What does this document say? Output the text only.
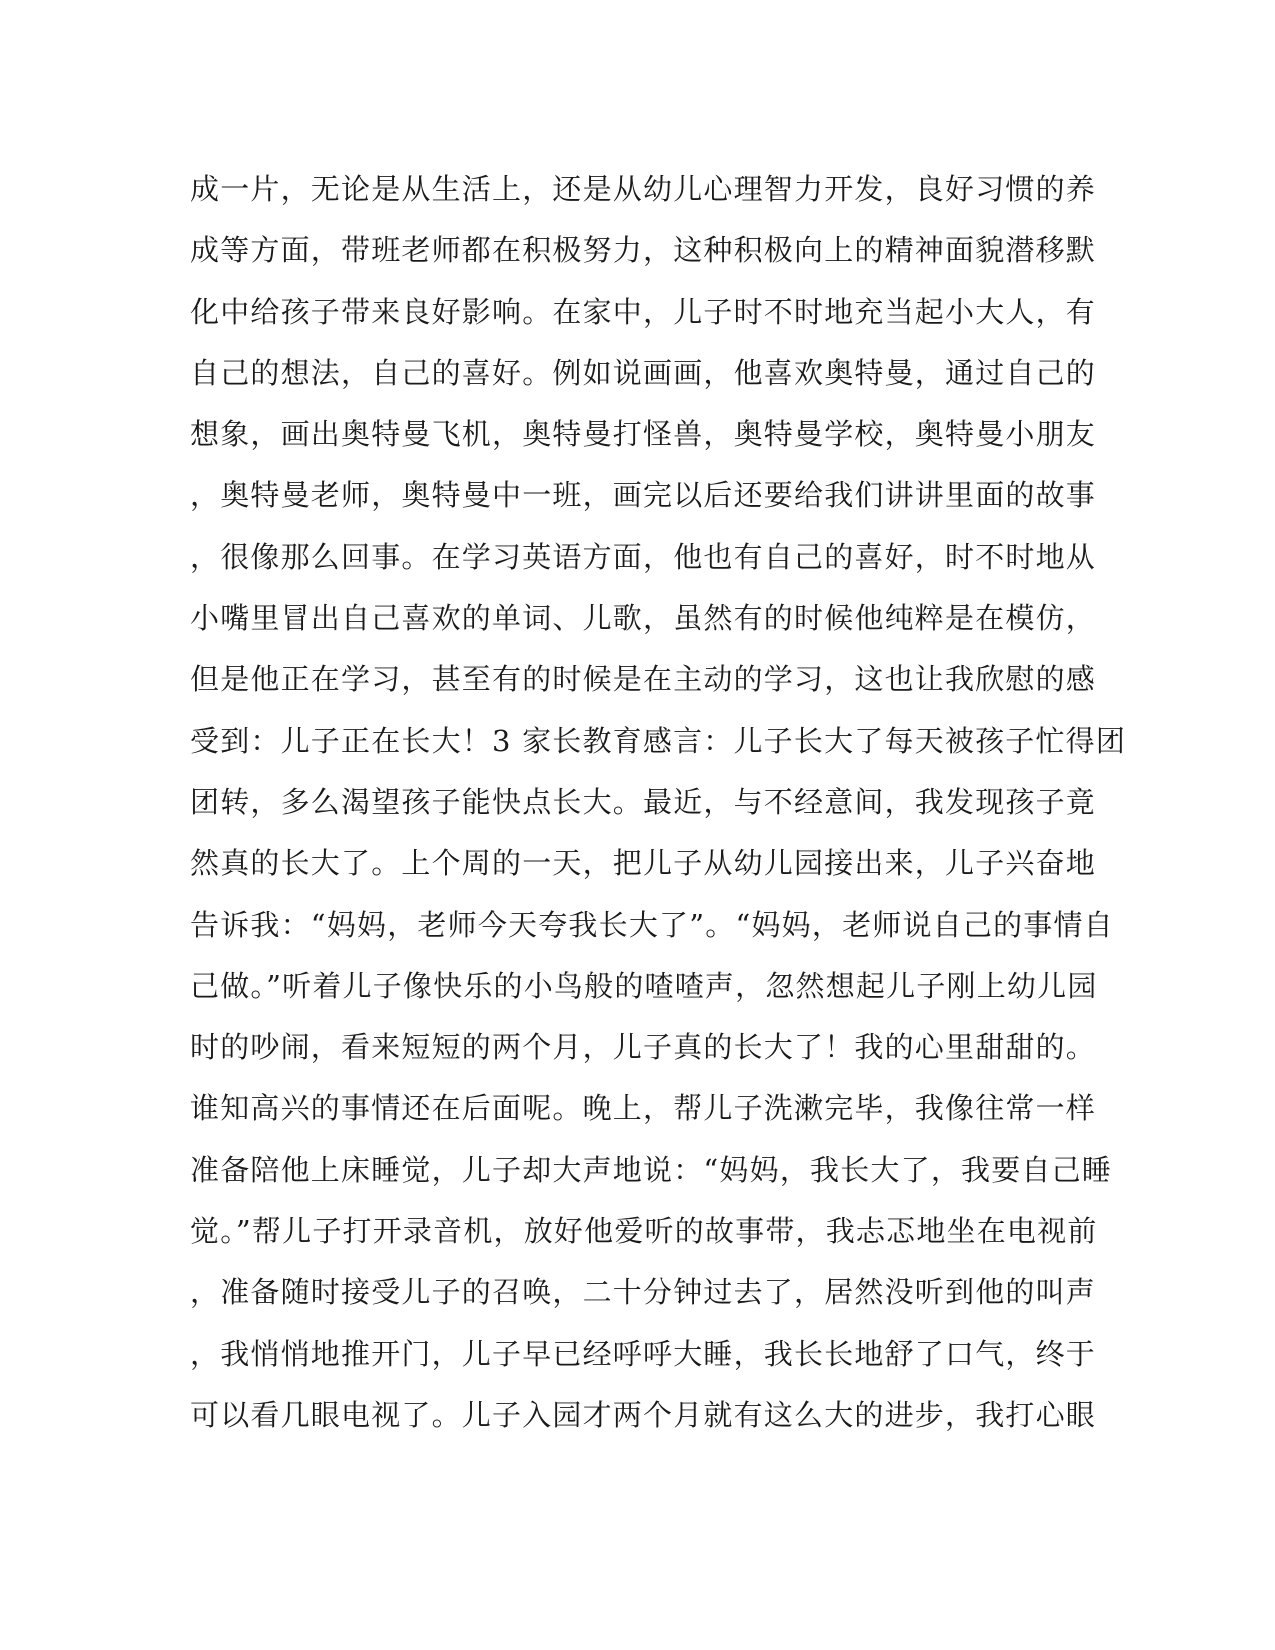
成一片，无论是从生活上，还是从幼儿心理智力开发，良好习惯的养
成等方面，带班老师都在积极努力，这种积极向上的精神面貌潜移默
化中给孩子带来良好影响。在家中，儿子时不时地充当起小大人，有
自己的想法，自己的喜好。例如说画画，他喜欢奥特曼，通过自己的
想象，画出奥特曼飞机，奥特曼打怪兽，奥特曼学校，奥特曼小朋友
，奥特曼老师，奥特曼中一班，画完以后还要给我们讲讲里面的故事
，很像那么回事。在学习英语方面，他也有自己的喜好，时不时地从
小嘴里冒出自己喜欢的单词、儿歌，虽然有的时候他纯粹是在模仿，
但是他正在学习，甚至有的时候是在主动的学习，这也让我欣慰的感
受到：儿子正在长大！3 家长教育感言：儿子长大了每天被孩子忙得团
团转，多么渴望孩子能快点长大。最近，与不经意间，我发现孩子竟
然真的长大了。上个周的一天，把儿子从幼儿园接出来，儿子兴奋地
告诉我：“妈妈，老师今天夸我长大了”。“妈妈，老师说自己的事情自
己做。”听着儿子像快乐的小鸟般的喳喳声，忽然想起儿子刚上幼儿园
时的吵闹，看来短短的两个月，儿子真的长大了！我的心里甜甜的。
谁知高兴的事情还在后面呢。晚上，帮儿子洗漱完毕，我像往常一样
准备陪他上床睡觉，儿子却大声地说：“妈妈，我长大了，我要自己睡
觉。”帮儿子打开录音机，放好他爱听的故事带，我忐忑地坐在电视前
，准备随时接受儿子的召唤，二十分钟过去了，居然没听到他的叫声
，我悄悄地推开门，儿子早已经呼呼大睡，我长长地舒了口气，终于
可以看几眼电视了。儿子入园才两个月就有这么大的进步，我打心眼
